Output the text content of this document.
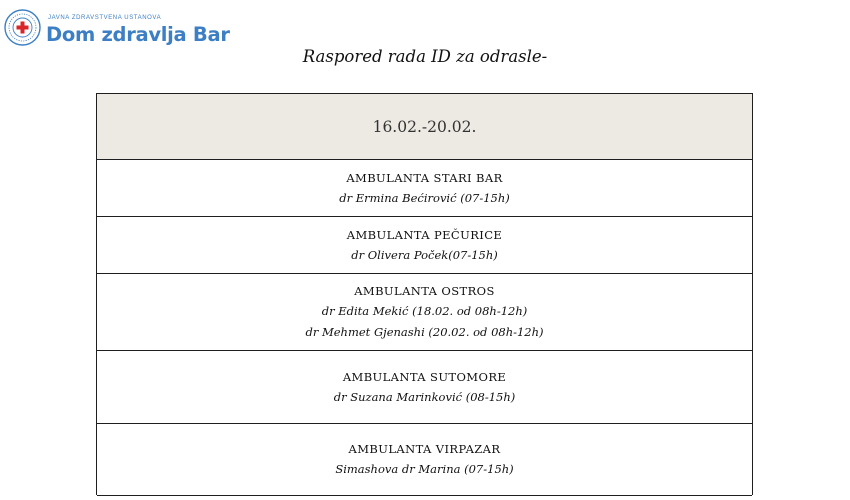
JAVNA ZDRAVSTVENA USTANOVA
Dom zdravlja Bar
Raspored rada ID za odrasle-
16.02.-20.02.
AMBULANTA STARI BAR
dr Ermina Bećirović (07-15h)
AMBULANTA PEČURICE
dr Olivera Poček(07-15h)
AMBULANTA OSTROS
dr Edita Mekić (18.02. od 08h-12h)
dr Mehmet Gjenashi (20.02. od 08h-12h)
AMBULANTA SUTOMORE
dr Suzana Marinković (08-15h)
AMBULANTA VIRPAZAR
Simashova dr Marina (07-15h)
